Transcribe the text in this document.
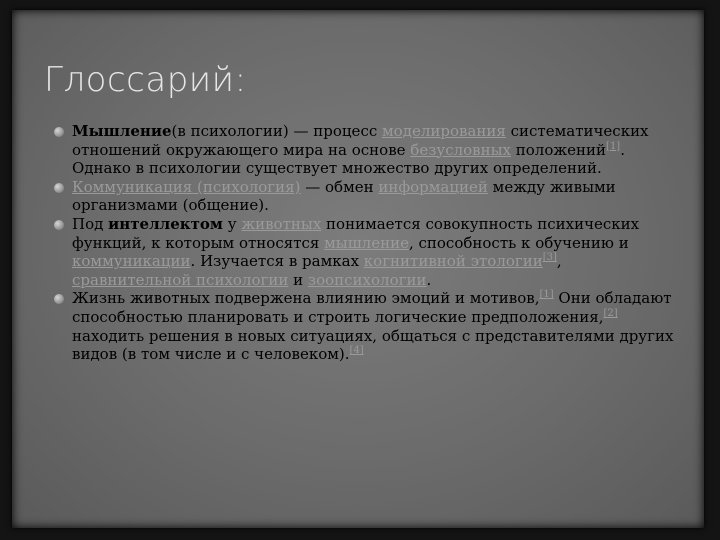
Глоссарий:

Мышление(в психологии) — процесс моделирования систематических отношений окружающего мира на основе безусловных положений[1]. Однако в психологии существует множество других определений.

Коммуникация (психология) — обмен информацией между живыми организмами (общение).

Под интеллектом у животных понимается совокупность психических функций, к которым относятся мышление, способность к обучению и коммуникации. Изучается в рамках когнитивной этологии[3], сравнительной психологии и зоопсихологии.

Жизнь животных подвержена влиянию эмоций и мотивов,[1] Они обладают способностью планировать и строить логические предположения,[2] находить решения в новых ситуациях, общаться с представителями других видов (в том числе и с человеком).[4]
